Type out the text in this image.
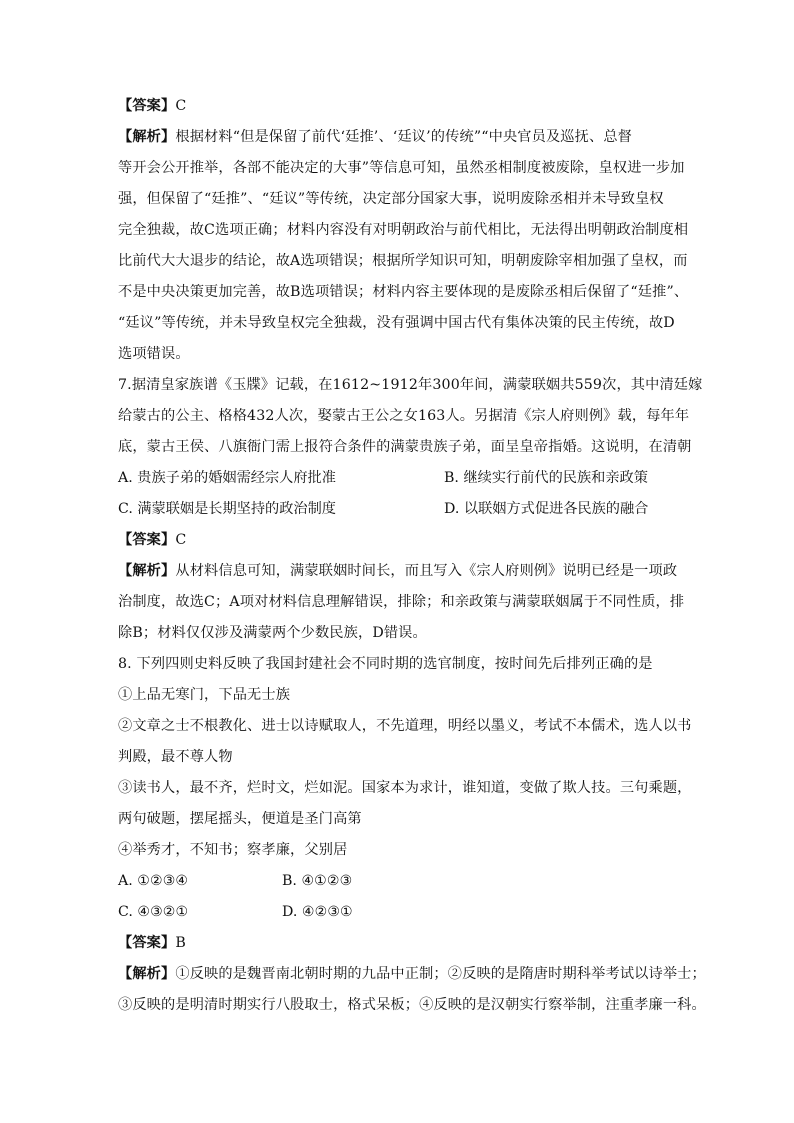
【答案】C
【解析】根据材料“但是保留了前代‘廷推’、‘廷议’的传统”“中央官员及巡抚、总督
等开会公开推举，各部不能决定的大事”等信息可知，虽然丞相制度被废除，皇权进一步加
强，但保留了“廷推”、“廷议”等传统，决定部分国家大事，说明废除丞相并未导致皇权
完全独裁，故C选项正确；材料内容没有对明朝政治与前代相比，无法得出明朝政治制度相
比前代大大退步的结论，故A选项错误；根据所学知识可知，明朝废除宰相加强了皇权，而
不是中央决策更加完善，故B选项错误；材料内容主要体现的是废除丞相后保留了“廷推”、
“廷议”等传统，并未导致皇权完全独裁，没有强调中国古代有集体决策的民主传统，故D
选项错误。
7.据清皇家族谱《玉牒》记载，在1612~1912年300年间，满蒙联姻共559次，其中清廷嫁
给蒙古的公主、格格432人次，娶蒙古王公之女163人。另据清《宗人府则例》载，每年年
底，蒙古王侯、八旗衙门需上报符合条件的满蒙贵族子弟，面呈皇帝指婚。这说明，在清朝
A. 贵族子弟的婚姻需经宗人府批准	B. 继续实行前代的民族和亲政策
C. 满蒙联姻是长期坚持的政治制度	D. 以联姻方式促进各民族的融合
【答案】C
【解析】从材料信息可知，满蒙联姻时间长，而且写入《宗人府则例》说明已经是一项政
治制度，故选C；A项对材料信息理解错误，排除；和亲政策与满蒙联姻属于不同性质，排
除B；材料仅仅涉及满蒙两个少数民族，D错误。
8. 下列四则史料反映了我国封建社会不同时期的选官制度，按时间先后排列正确的是
①上品无寒门，下品无士族
②文章之士不根教化、进士以诗赋取人，不先道理，明经以墨义，考试不本儒术，选人以书
判殿，最不尊人物
③读书人，最不齐，烂时文，烂如泥。国家本为求计，谁知道，变做了欺人技。三句乘题，
两句破题，摆尾摇头，便道是圣门高第
④举秀才，不知书；察孝廉，父别居
A. ①②③④	B. ④①②③
C. ④③②①	D. ④②③①
【答案】B
【解析】①反映的是魏晋南北朝时期的九品中正制；②反映的是隋唐时期科举考试以诗举士；
③反映的是明清时期实行八股取士，格式呆板；④反映的是汉朝实行察举制，注重孝廉一科。
